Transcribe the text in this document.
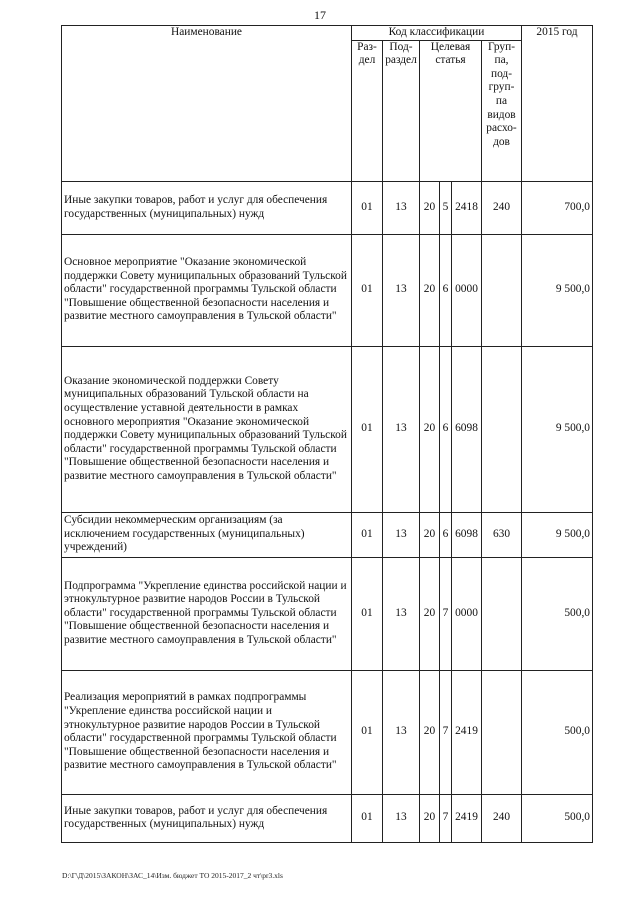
17
Наименование	Код классификации						2015 год
	Раз- дел	Под- раздел	Целевая статья			Груп- па, под- груп- па видов расхо- дов	
Иные закупки товаров, работ и услуг для обеспечения государственных (муниципальных) нужд	01	13	20	5	2418	240	700,0
Основное мероприятие "Оказание экономической поддержки Совету муниципальных образований Тульской области" государственной программы Тульской области "Повышение общественной безопасности населения и развитие местного самоуправления в Тульской области"	01	13	20	6	0000		9 500,0
Оказание экономической поддержки Совету муниципальных образований Тульской области на осуществление уставной деятельности в рамках основного мероприятия "Оказание экономической поддержки Совету муниципальных образований Тульской области" государственной программы Тульской области "Повышение общественной безопасности населения и развитие местного самоуправления в Тульской области"	01	13	20	6	6098		9 500,0
Субсидии некоммерческим организациям (за исключением государственных (муниципальных) учреждений)	01	13	20	6	6098	630	9 500,0
Подпрограмма "Укрепление единства российской нации и этнокультурное развитие народов России в Тульской области" государственной программы Тульской области "Повышение общественной безопасности населения и развитие местного самоуправления в Тульской области"	01	13	20	7	0000		500,0
Реализация мероприятий в рамках подпрограммы "Укрепление единства российской нации и этнокультурное развитие народов России в Тульской области" государственной программы Тульской области "Повышение общественной безопасности населения и развитие местного самоуправления в Тульской области"	01	13	20	7	2419		500,0
Иные закупки товаров, работ и услуг для обеспечения государственных (муниципальных) нужд	01	13	20	7	2419	240	500,0
D:\Г\Д\2015\ЗАКОН\ЗАС_14\Изм. бюджет ТО 2015-2017_2 чт\pr3.xls
